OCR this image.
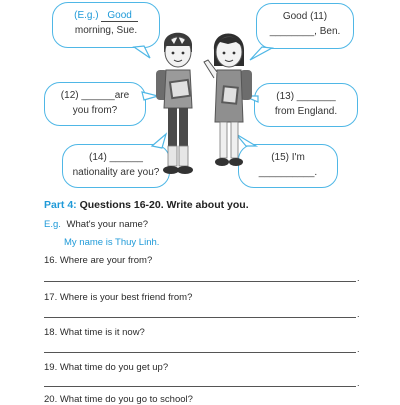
(E.g.) Good
morning, Sue.
Good (11)
________, Ben.
(12) ______are
you from?
(13) _______
from England.
(14) ______
nationality are you?
(15) I'm
__________.
Part 4: Questions 16-20. Write about you.
E.g. What's your name?
My name is Thuy Linh.
16. Where are your from?
.
17. Where is your best friend from?
.
18. What time is it now?
.
19. What time do you get up?
.
20. What time do you go to school?
